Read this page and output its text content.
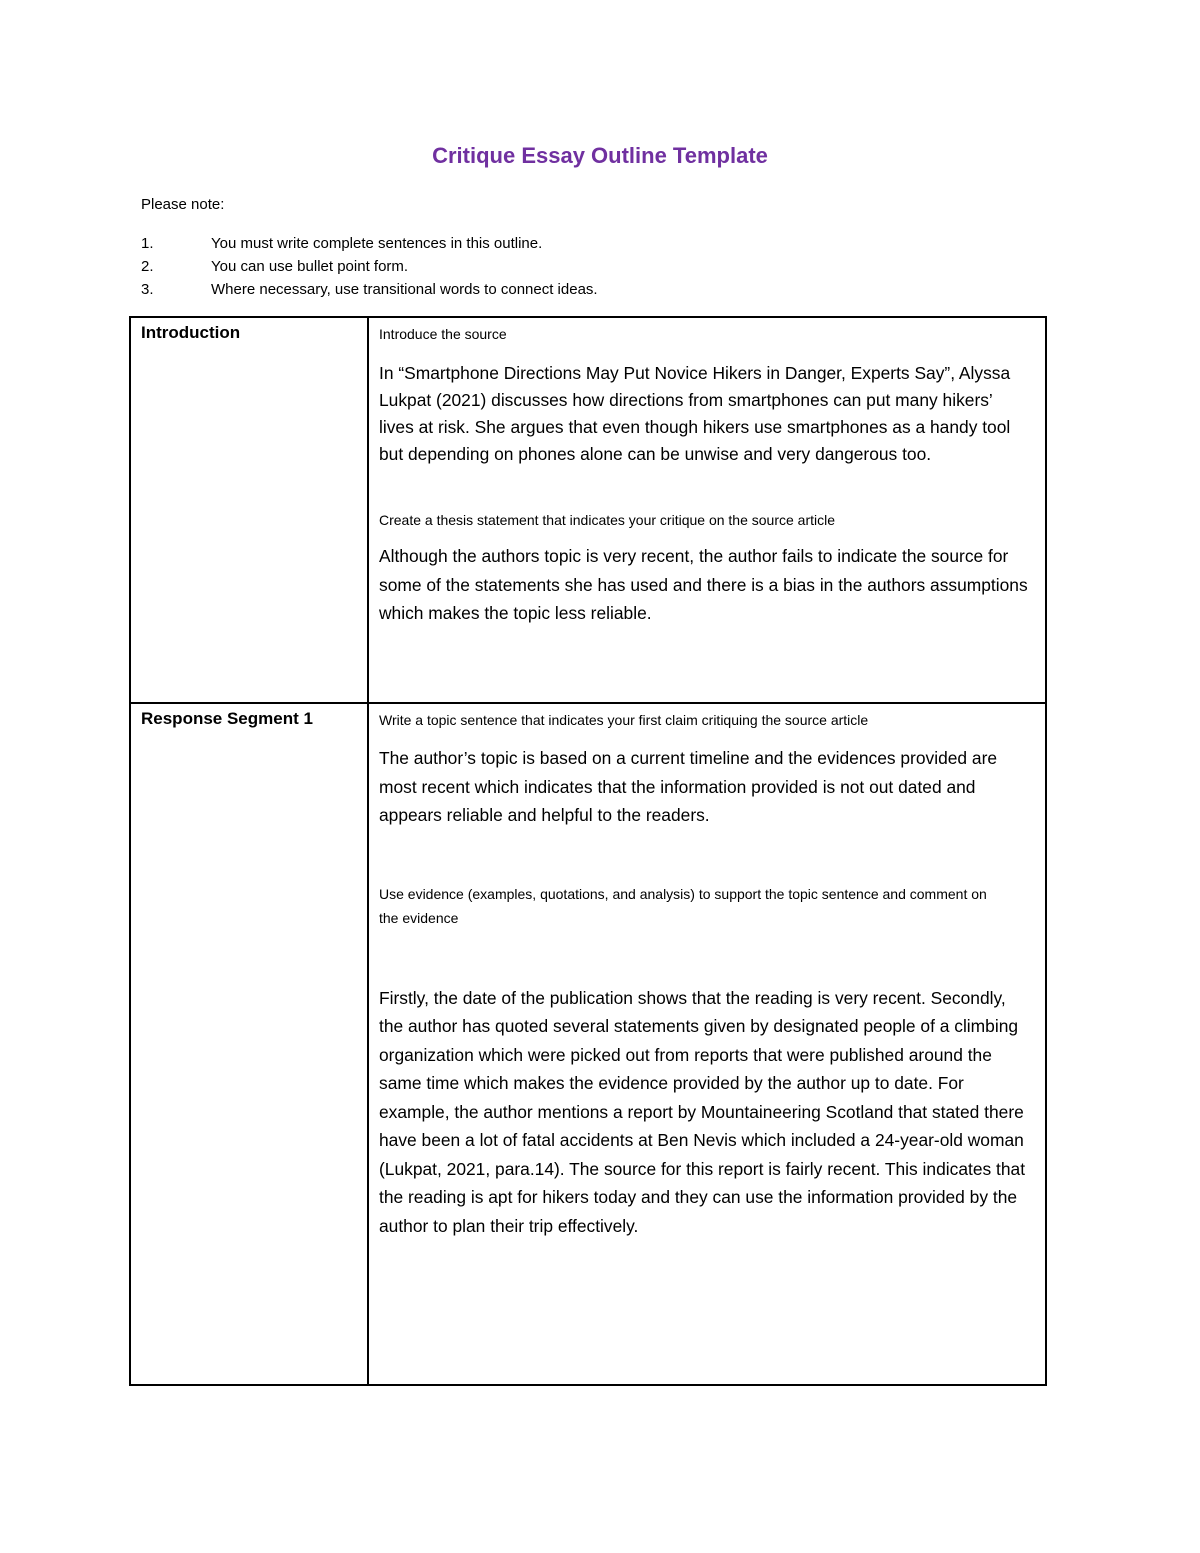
Critique Essay Outline Template
Please note:
1.	You must write complete sentences in this outline.
2.	You can use bullet point form.
3.	Where necessary, use transitional words to connect ideas.
Introduction	Introduce the source
In “Smartphone Directions May Put Novice Hikers in Danger, Experts Say”, Alyssa Lukpat (2021) discusses how directions from smartphones can put many hikers’ lives at risk. She argues that even though hikers use smartphones as a handy tool but depending on phones alone can be unwise and very dangerous too.
Create a thesis statement that indicates your critique on the source article
Although the authors topic is very recent, the author fails to indicate the source for some of the statements she has used and there is a bias in the authors assumptions which makes the topic less reliable.

Response Segment 1	Write a topic sentence that indicates your first claim critiquing the source article
The author’s topic is based on a current timeline and the evidences provided are most recent which indicates that the information provided is not out dated and appears reliable and helpful to the readers.
Use evidence (examples, quotations, and analysis) to support the topic sentence and comment on the evidence
Firstly, the date of the publication shows that the reading is very recent. Secondly, the author has quoted several statements given by designated people of a climbing organization which were picked out from reports that were published around the same time which makes the evidence provided by the author up to date. For example, the author mentions a report by Mountaineering Scotland that stated there have been a lot of fatal accidents at Ben Nevis which included a 24-year-old woman (Lukpat, 2021, para.14). The source for this report is fairly recent. This indicates that the reading is apt for hikers today and they can use the information provided by the author to plan their trip effectively.
